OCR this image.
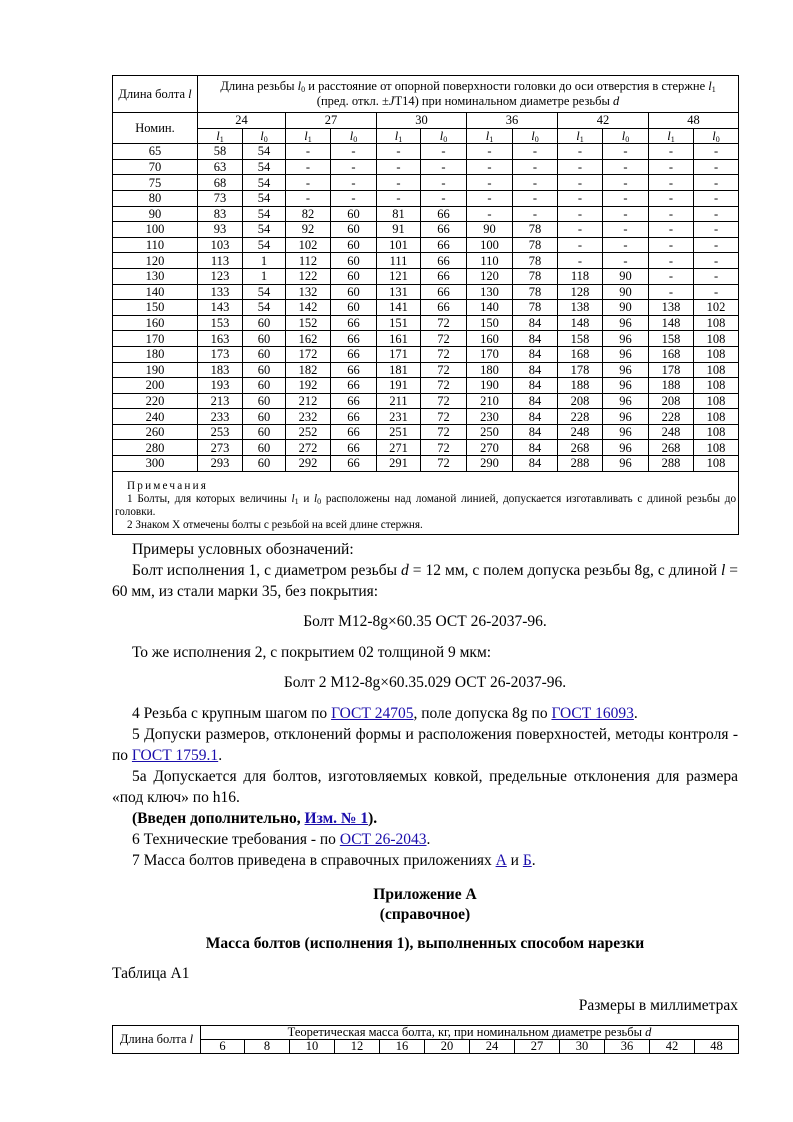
Длина болта l	Длина резьбы $l_0$ и расстояние от опорной поверхности головки до оси отверстия в стержне $l_1$
(пред. откл. ±JT14) при номинальном диаметре резьбы d											
Номин.	24		27		30		36		42		48	
	$l_1$	$l_0$	$l_1$	$l_0$	$l_1$	$l_0$	$l_1$	$l_0$	$l_1$	$l_0$	$l_1$	$l_0$
65	58	54	-	-	-	-	-	-	-	-	-	-
70	63	54	-	-	-	-	-	-	-	-	-	-
75	68	54	-	-	-	-	-	-	-	-	-	-
80	73	54	-	-	-	-	-	-	-	-	-	-
90	83	54	82	60	81	66	-	-	-	-	-	-
100	93	54	92	60	91	66	90	78	-	-	-	-
110	103	54	102	60	101	66	100	78	-	-	-	-
120	113	1	112	60	111	66	110	78	-	-	-	-
130	123	1	122	60	121	66	120	78	118	90	-	-
140	133	54	132	60	131	66	130	78	128	90	-	-
150	143	54	142	60	141	66	140	78	138	90	138	102
160	153	60	152	66	151	72	150	84	148	96	148	108
170	163	60	162	66	161	72	160	84	158	96	158	108
180	173	60	172	66	171	72	170	84	168	96	168	108
190	183	60	182	66	181	72	180	84	178	96	178	108
200	193	60	192	66	191	72	190	84	188	96	188	108
220	213	60	212	66	211	72	210	84	208	96	208	108
240	233	60	232	66	231	72	230	84	228	96	228	108
260	253	60	252	66	251	72	250	84	248	96	248	108
280	273	60	272	66	271	72	270	84	268	96	268	108
300	293	60	292	66	291	72	290	84	288	96	288	108

Примечания

1 Болты, для которых величины $l_1$ и $l_0$ расположены над ломаной линией, допускается изготавливать с длиной резьбы до головки.

2 Знаком Х отмечены болты с резьбой на всей длине стержня.												

Примеры условных обозначений:

Болт исполнения 1, с диаметром резьбы d = 12 мм, с полем допуска резьбы 8g, с длиной l = 60 мм, из стали марки 35, без покрытия:

Болт М12-8g×60.35 ОСТ 26-2037-96.

То же исполнения 2, с покрытием 02 толщиной 9 мкм:

Болт 2 М12-8g×60.35.029 ОСТ 26-2037-96.

4 Резьба с крупным шагом по ГОСТ 24705, поле допуска 8g по ГОСТ 16093.

5 Допуски размеров, отклонений формы и расположения поверхностей, методы контроля - по ГОСТ 1759.1.

5а Допускается для болтов, изготовляемых ковкой, предельные отклонения для размера «под ключ» по h16.

(Введен дополнительно, Изм. № 1).

6 Технические требования - по ОСТ 26-2043.

7 Масса болтов приведена в справочных приложениях А и Б.

Приложение А
(справочное)
Масса болтов (исполнения 1), выполненных способом нарезки
Таблица А1
Размеры в миллиметрах
Длина болта l	Теоретическая масса болта, кг, при номинальном диаметре резьбы d											
	6	8	10	12	16	20	24	27	30	36	42	48
